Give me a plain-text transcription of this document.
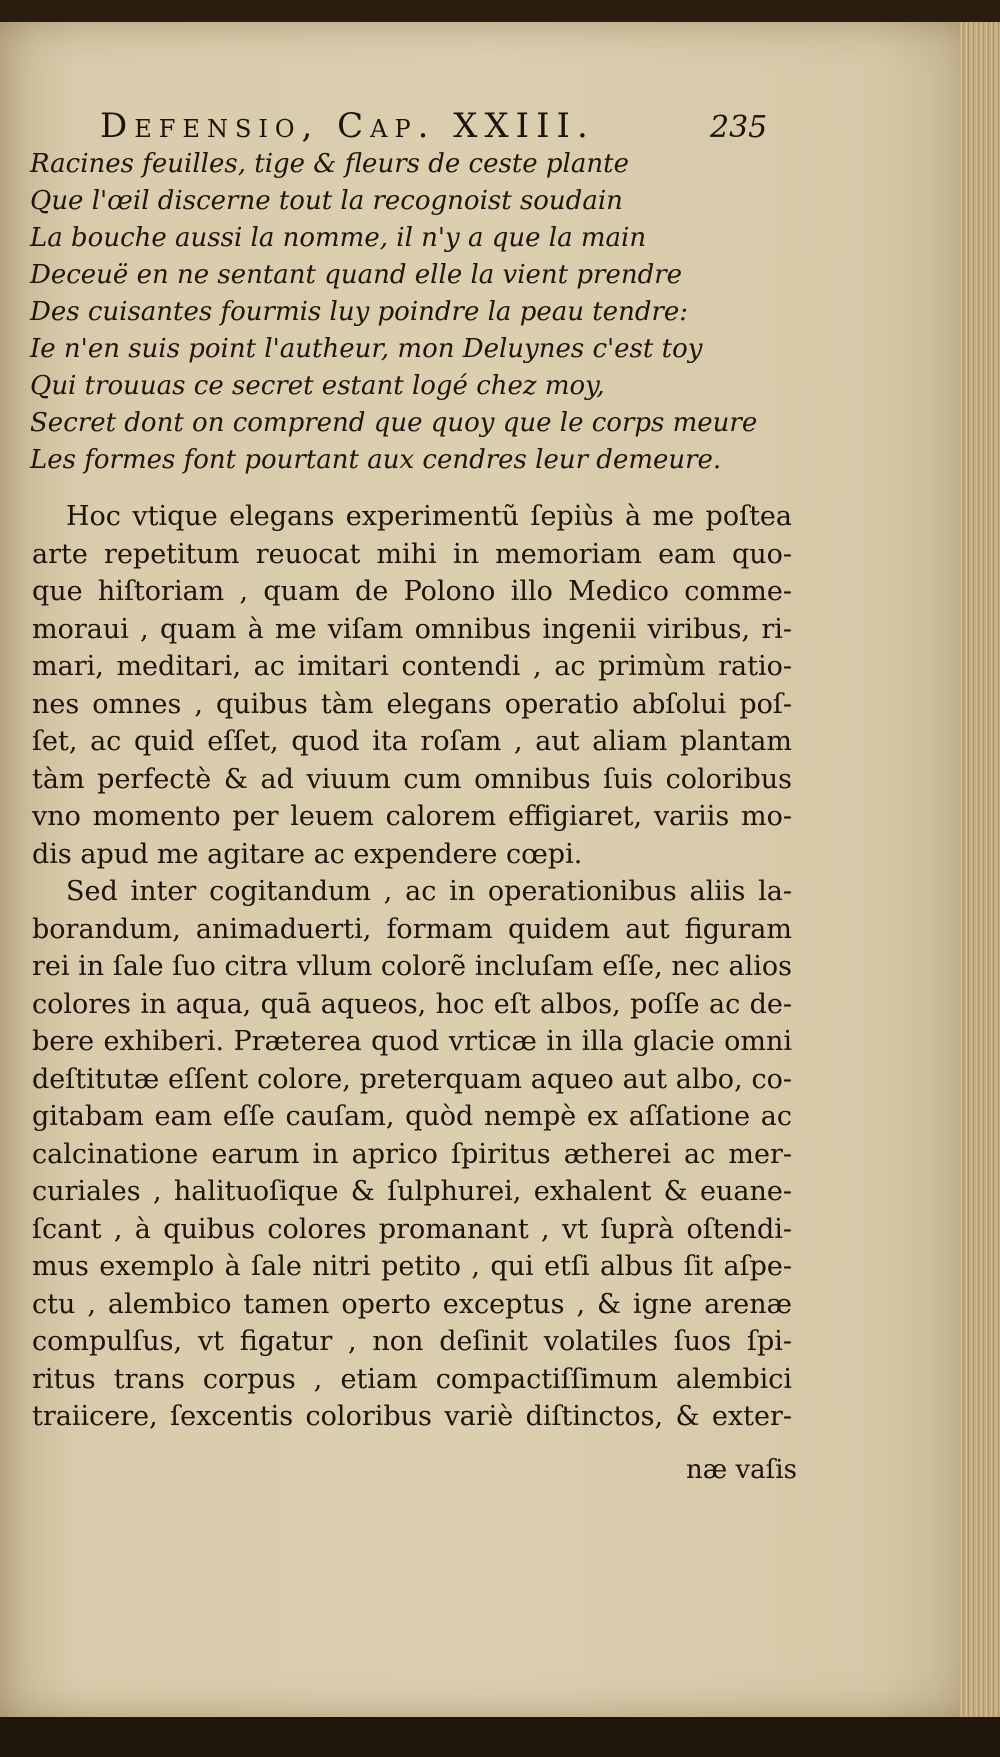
Defensio, Cap. XXIII.	235
Racines feuilles, tige & fleurs de ceste plante
Que l'œil discerne tout la recognoist soudain
La bouche aussi la nomme, il n'y a que la main
Deceuë en ne sentant quand elle la vient prendre
Des cuisantes fourmis luy poindre la peau tendre:
Ie n'en suis point l'autheur, mon Deluynes c'est toy
Qui trouuas ce secret estant logé chez moy,
Secret dont on comprend que quoy que le corps meure
Les formes font pourtant aux cendres leur demeure.
Hoc vtique elegans experimentũ ſepiùs à me poſtea
arte repetitum reuocat mihi in memoriam eam quo-
que hiſtoriam , quam de Polono illo Medico comme-
moraui , quam à me viſam omnibus ingenii viribus, ri-
mari, meditari, ac imitari contendi , ac primùm ratio-
nes omnes , quibus tàm elegans operatio abſolui poſ-
ſet, ac quid eſſet, quod ita roſam , aut aliam plantam
tàm perfectè & ad viuum cum omnibus ſuis coloribus
vno momento per leuem calorem effigiaret, variis mo-
dis apud me agitare ac expendere cœpi.
Sed inter cogitandum , ac in operationibus aliis la-
borandum, animaduerti, formam quidem aut figuram
rei in ſale ſuo citra vllum colorẽ incluſam eſſe, nec alios
colores in aqua, quā aqueos, hoc eſt albos, poſſe ac de-
bere exhiberi. Præterea quod vrticæ in illa glacie omni
deſtitutæ eſſent colore, preterquam aqueo aut albo, co-
gitabam eam eſſe cauſam, quòd nempè ex aſſatione ac
calcinatione earum in aprico ſpiritus ætherei ac mer-
curiales , halituoſique & ſulphurei, exhalent & euane-
ſcant , à quibus colores promanant , vt ſuprà oſtendi-
mus exemplo à ſale nitri petito , qui etſi albus ſit aſpe-
ctu , alembico tamen operto exceptus , & igne arenæ
compulſus, vt figatur , non deſinit volatiles ſuos ſpi-
ritus trans corpus , etiam compactiſſimum alembici
traiicere, ſexcentis coloribus variè diſtinctos, & exter-
næ vaſis
